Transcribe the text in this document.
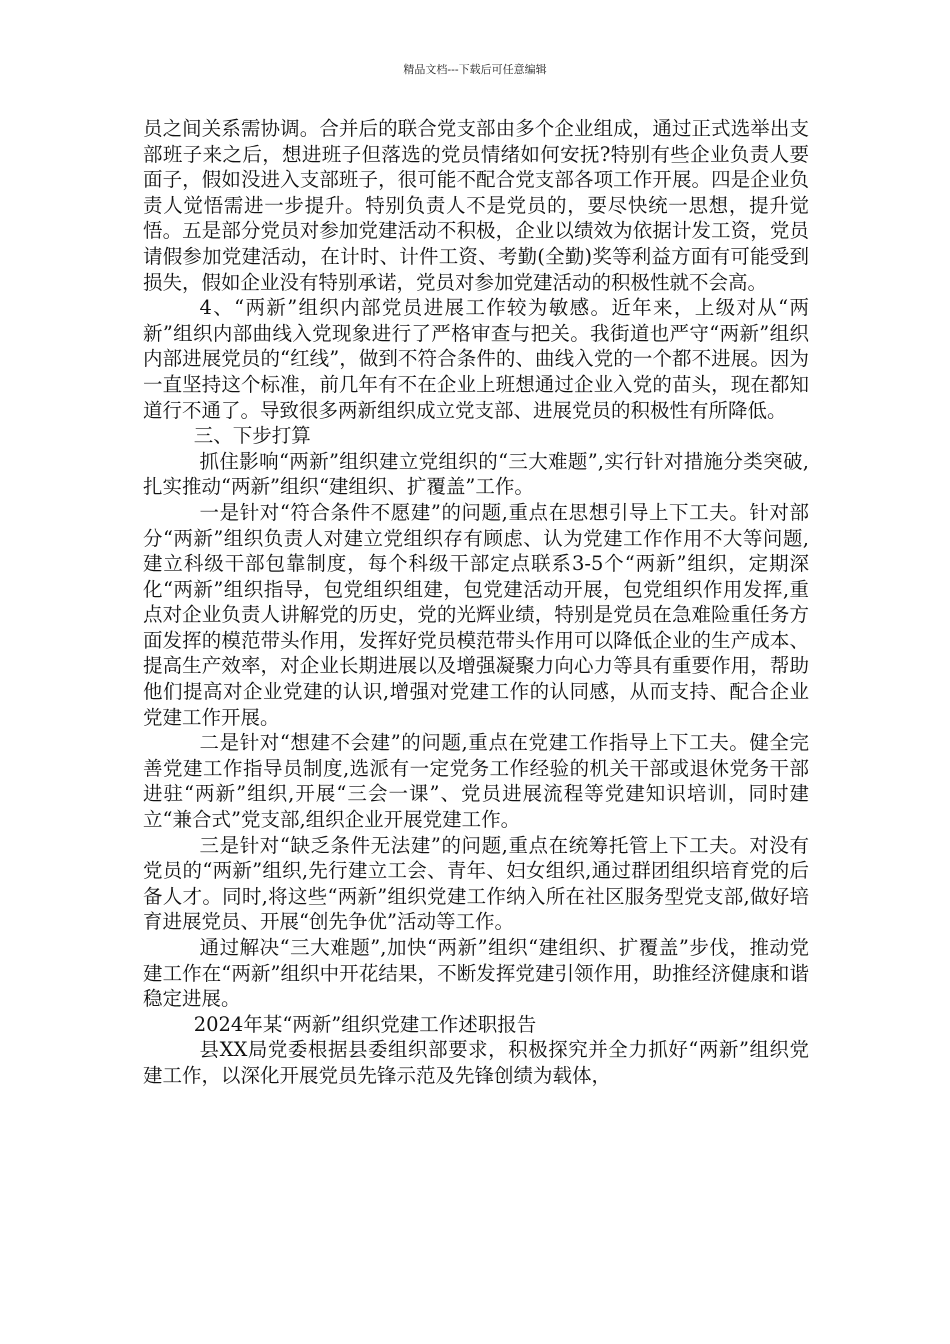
精品文档---下载后可任意编辑

员之间关系需协调。合并后的联合党支部由多个企业组成，通过正式选举出支部班子来之后，想进班子但落选的党员情绪如何安抚?特别有些企业负责人要面子，假如没进入支部班子，很可能不配合党支部各项工作开展。四是企业负责人觉悟需进一步提升。特别负责人不是党员的，要尽快统一思想，提升觉悟。五是部分党员对参加党建活动不积极，企业以绩效为依据计发工资，党员请假参加党建活动，在计时、计件工资、考勤(全勤)奖等利益方面有可能受到损失，假如企业没有特别承诺，党员对参加党建活动的积极性就不会高。

4、“两新”组织内部党员进展工作较为敏感。近年来，上级对从“两新”组织内部曲线入党现象进行了严格审查与把关。我街道也严守“两新”组织内部进展党员的“红线”，做到不符合条件的、曲线入党的一个都不进展。因为一直坚持这个标准，前几年有不在企业上班想通过企业入党的苗头，现在都知道行不通了。导致很多两新组织成立党支部、进展党员的积极性有所降低。

三、下步打算

抓住影响“两新”组织建立党组织的“三大难题”,实行针对措施分类突破,扎实推动“两新”组织“建组织、扩覆盖”工作。

一是针对“符合条件不愿建”的问题,重点在思想引导上下工夫。针对部分“两新”组织负责人对建立党组织存有顾虑、认为党建工作作用不大等问题,建立科级干部包靠制度，每个科级干部定点联系3-5个“两新”组织，定期深化“两新”组织指导，包党组织组建，包党建活动开展，包党组织作用发挥,重点对企业负责人讲解党的历史，党的光辉业绩，特别是党员在急难险重任务方面发挥的模范带头作用，发挥好党员模范带头作用可以降低企业的生产成本、提高生产效率，对企业长期进展以及增强凝聚力向心力等具有重要作用，帮助他们提高对企业党建的认识,增强对党建工作的认同感，从而支持、配合企业党建工作开展。

二是针对“想建不会建”的问题,重点在党建工作指导上下工夫。健全完善党建工作指导员制度,选派有一定党务工作经验的机关干部或退休党务干部进驻“两新”组织,开展“三会一课”、党员进展流程等党建知识培训，同时建立“兼合式”党支部,组织企业开展党建工作。

三是针对“缺乏条件无法建”的问题,重点在统筹托管上下工夫。对没有党员的“两新”组织,先行建立工会、青年、妇女组织,通过群团组织培育党的后备人才。同时,将这些“两新”组织党建工作纳入所在社区服务型党支部,做好培育进展党员、开展“创先争优”活动等工作。

通过解决“三大难题”,加快“两新”组织“建组织、扩覆盖”步伐，推动党建工作在“两新”组织中开花结果，不断发挥党建引领作用，助推经济健康和谐稳定进展。

2024年某“两新”组织党建工作述职报告

县XX局党委根据县委组织部要求，积极探究并全力抓好“两新”组织党建工作，以深化开展党员先锋示范及先锋创绩为载体，
